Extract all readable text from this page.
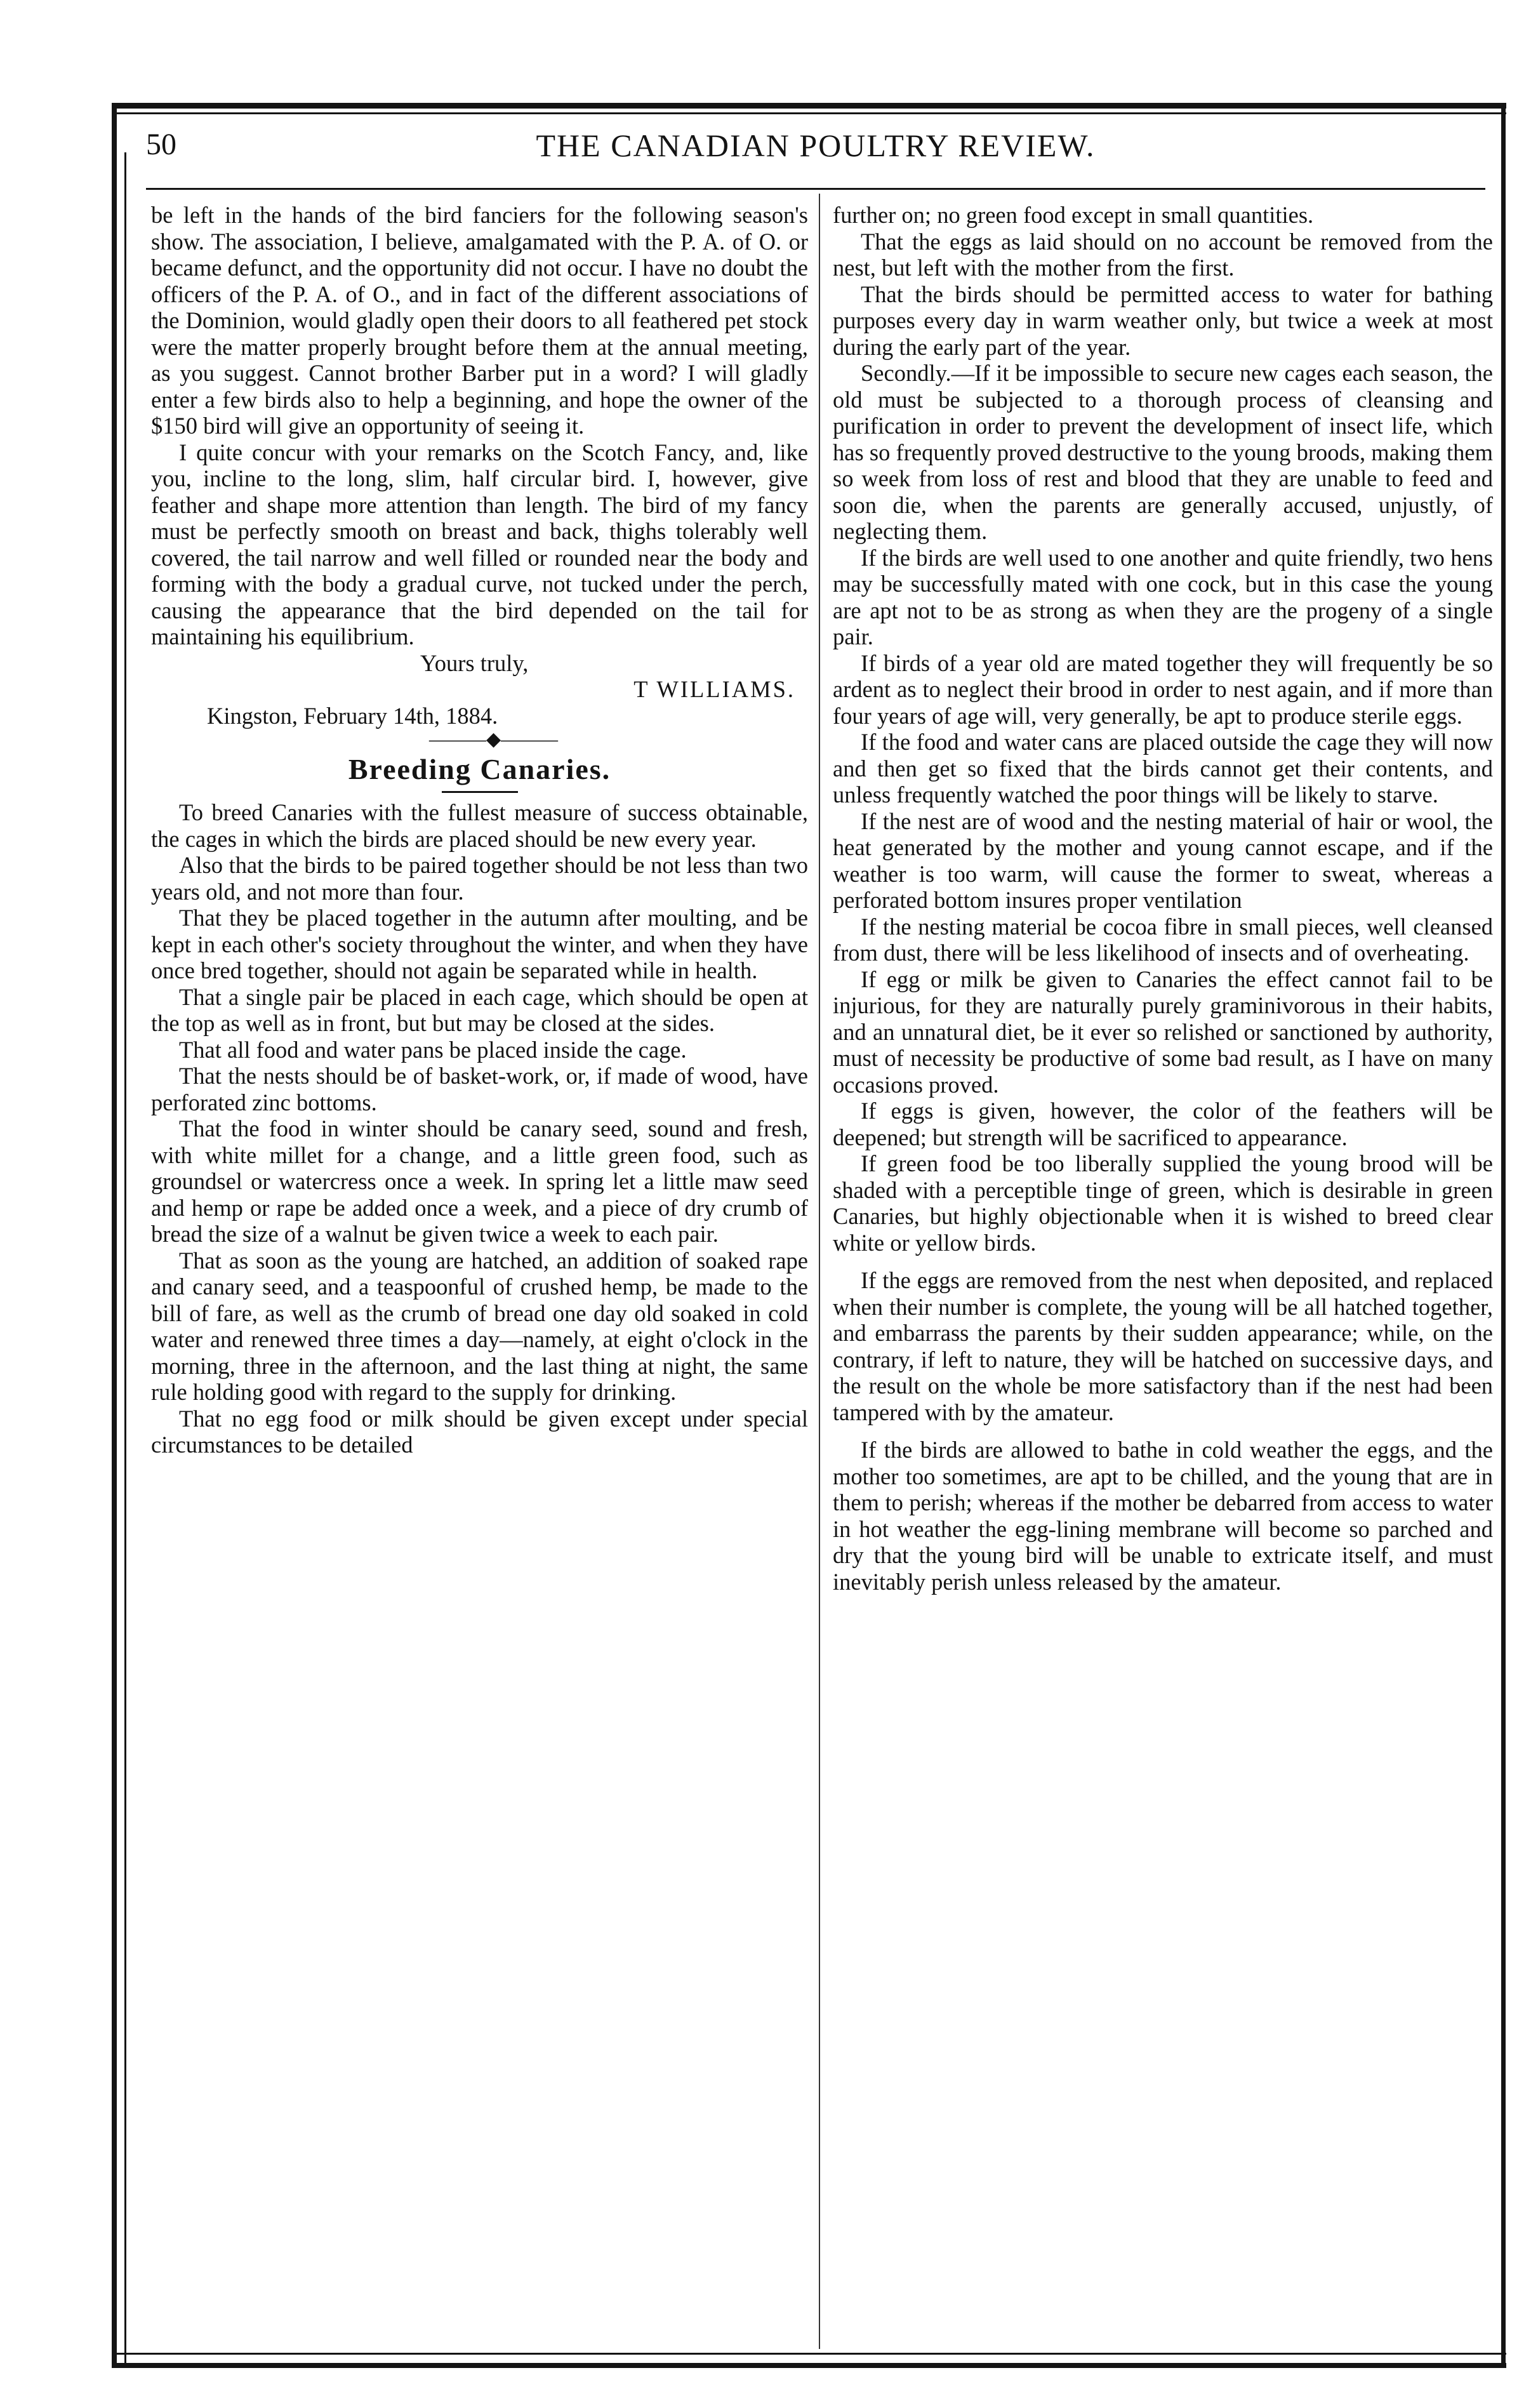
50	THE CANADIAN POULTRY REVIEW.

be left in the hands of the bird fanciers for the following season's show. The association, I believe, amalgamated with the P. A. of O. or became defunct, and the opportunity did not occur. I have no doubt the officers of the P. A. of O., and in fact of the different associations of the Dominion, would gladly open their doors to all feathered pet stock were the matter properly brought before them at the annual meeting, as you suggest. Cannot brother Barber put in a word? I will gladly enter a few birds also to help a beginning, and hope the owner of the $150 bird will give an opportunity of seeing it.

I quite concur with your remarks on the Scotch Fancy, and, like you, incline to the long, slim, half circular bird. I, however, give feather and shape more attention than length. The bird of my fancy must be perfectly smooth on breast and back, thighs tolerably well covered, the tail narrow and well filled or rounded near the body and forming with the body a gradual curve, not tucked under the perch, causing the appearance that the bird depended on the tail for maintaining his equilibrium.

Yours truly,

T WILLIAMS.

Kingston, February 14th, 1884.

———◆———

Breeding Canaries.

To breed Canaries with the fullest measure of success obtainable, the cages in which the birds are placed should be new every year.

Also that the birds to be paired together should be not less than two years old, and not more than four.

That they be placed together in the autumn after moulting, and be kept in each other's society throughout the winter, and when they have once bred together, should not again be separated while in health.

That a single pair be placed in each cage, which should be open at the top as well as in front, but but may be closed at the sides.

That all food and water pans be placed inside the cage.

That the nests should be of basket-work, or, if made of wood, have perforated zinc bottoms.

That the food in winter should be canary seed, sound and fresh, with white millet for a change, and a little green food, such as groundsel or watercress once a week. In spring let a little maw seed and hemp or rape be added once a week, and a piece of dry crumb of bread the size of a walnut be given twice a week to each pair.

That as soon as the young are hatched, an addition of soaked rape and canary seed, and a teaspoonful of crushed hemp, be made to the bill of fare, as well as the crumb of bread one day old soaked in cold water and renewed three times a day—namely, at eight o'clock in the morning, three in the afternoon, and the last thing at night, the same rule holding good with regard to the supply for drinking.

That no egg food or milk should be given except under special circumstances to be detailed

further on; no green food except in small quantities.

That the eggs as laid should on no account be removed from the nest, but left with the mother from the first.

That the birds should be permitted access to water for bathing purposes every day in warm weather only, but twice a week at most during the early part of the year.

Secondly.—If it be impossible to secure new cages each season, the old must be subjected to a thorough process of cleansing and purification in order to prevent the development of insect life, which has so frequently proved destructive to the young broods, making them so week from loss of rest and blood that they are unable to feed and soon die, when the parents are generally accused, unjustly, of neglecting them.

If the birds are well used to one another and quite friendly, two hens may be successfully mated with one cock, but in this case the young are apt not to be as strong as when they are the progeny of a single pair.

If birds of a year old are mated together they will frequently be so ardent as to neglect their brood in order to nest again, and if more than four years of age will, very generally, be apt to produce sterile eggs.

If the food and water cans are placed outside the cage they will now and then get so fixed that the birds cannot get their contents, and unless frequently watched the poor things will be likely to starve.

If the nest are of wood and the nesting material of hair or wool, the heat generated by the mother and young cannot escape, and if the weather is too warm, will cause the former to sweat, whereas a perforated bottom insures proper ventilation

If the nesting material be cocoa fibre in small pieces, well cleansed from dust, there will be less likelihood of insects and of overheating.

If egg or milk be given to Canaries the effect cannot fail to be injurious, for they are naturally purely graminivorous in their habits, and an unnatural diet, be it ever so relished or sanctioned by authority, must of necessity be productive of some bad result, as I have on many occasions proved.

If eggs is given, however, the color of the feathers will be deepened; but strength will be sacrificed to appearance.

If green food be too liberally supplied the young brood will be shaded with a perceptible tinge of green, which is desirable in green Canaries, but highly objectionable when it is wished to breed clear white or yellow birds.

If the eggs are removed from the nest when deposited, and replaced when their number is complete, the young will be all hatched together, and embarrass the parents by their sudden appearance; while, on the contrary, if left to nature, they will be hatched on successive days, and the result on the whole be more satisfactory than if the nest had been tampered with by the amateur.

If the birds are allowed to bathe in cold weather the eggs, and the mother too sometimes, are apt to be chilled, and the young that are in them to perish; whereas if the mother be debarred from access to water in hot weather the egg-lining membrane will become so parched and dry that the young bird will be unable to extricate itself, and must inevitably perish unless released by the amateur.
